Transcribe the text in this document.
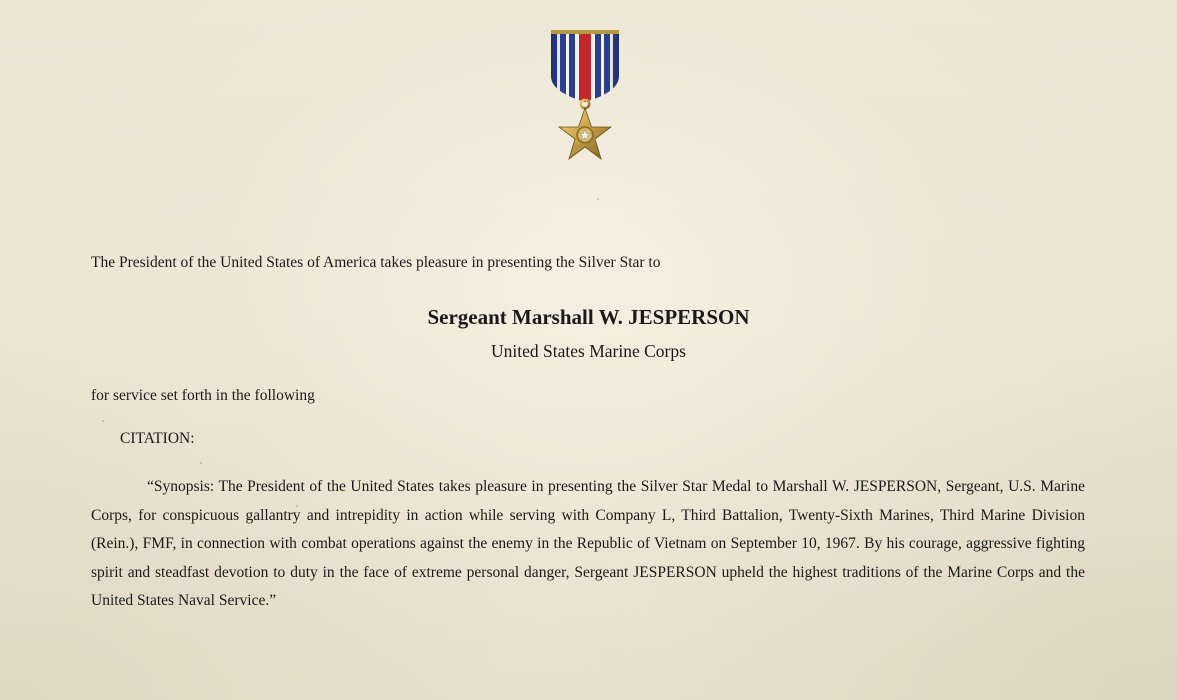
The President of the United States of America takes pleasure in presenting the Silver Star to
Sergeant Marshall W. JESPERSON
United States Marine Corps
for service set forth in the following
CITATION:

“Synopsis: The President of the United States takes pleasure in presenting the Silver Star Medal to Marshall W. JESPERSON, Sergeant, U.S. Marine Corps, for conspicuous gallantry and intrepidity in action while serving with Company L, Third Battalion, Twenty-Sixth Marines, Third Marine Division (Rein.), FMF, in connection with combat operations against the enemy in the Republic of Vietnam on September 10, 1967. By his courage, aggressive fighting spirit and steadfast devotion to duty in the face of extreme personal danger, Sergeant JESPERSON upheld the highest traditions of the Marine Corps and the United States Naval Service.”
